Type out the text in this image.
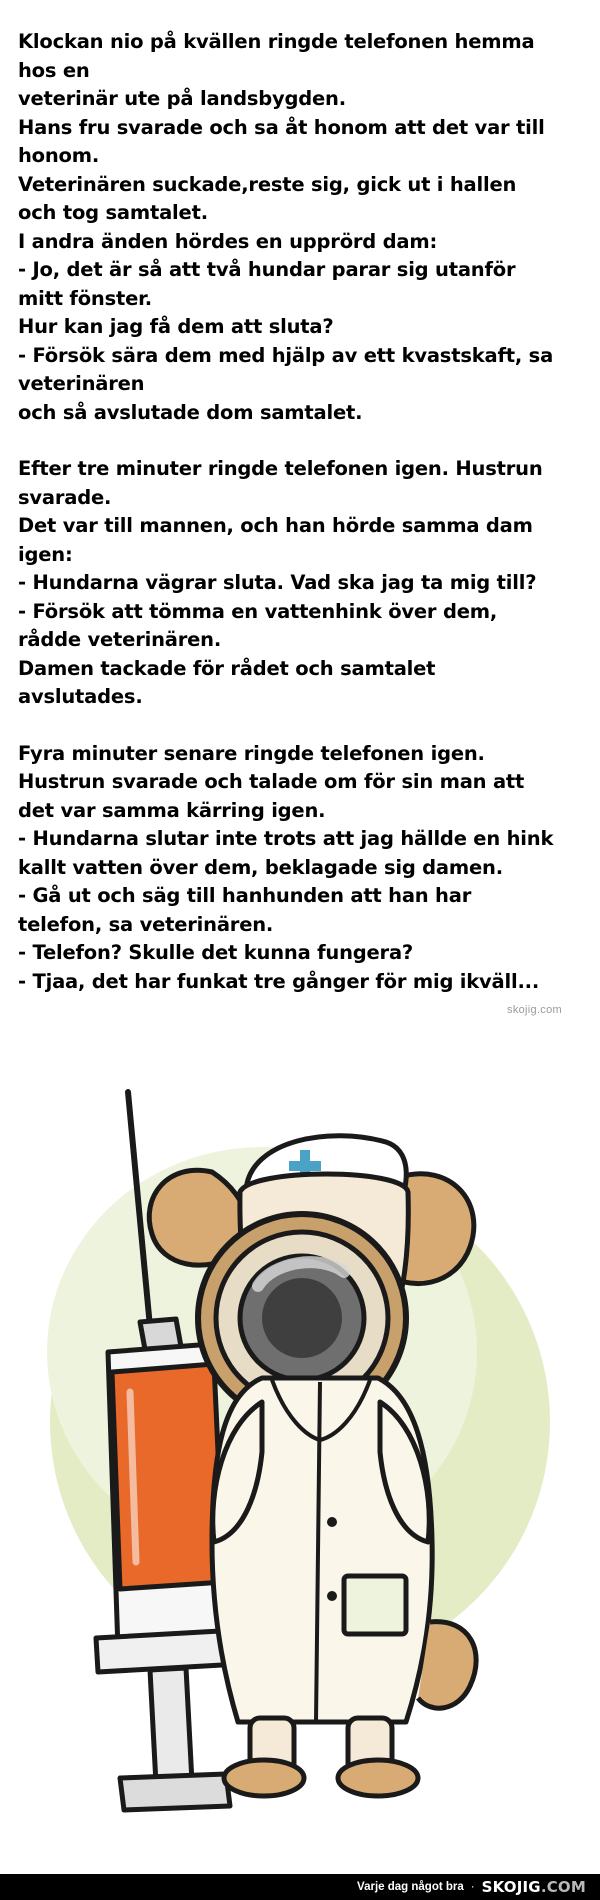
Klockan nio på kvällen ringde telefonen hemma
hos en
veterinär ute på landsbygden.
Hans fru svarade och sa åt honom att det var till
honom.
Veterinären suckade,reste sig, gick ut i hallen
och tog samtalet.
I andra änden hördes en upprörd dam:
- Jo, det är så att två hundar parar sig utanför
mitt fönster.
Hur kan jag få dem att sluta?
- Försök sära dem med hjälp av ett kvastskaft, sa
veterinären
och så avslutade dom samtalet.

Efter tre minuter ringde telefonen igen. Hustrun
svarade.
Det var till mannen, och han hörde samma dam
igen:
- Hundarna vägrar sluta. Vad ska jag ta mig till?
- Försök att tömma en vattenhink över dem,
rådde veterinären.
Damen tackade för rådet och samtalet
avslutades.

Fyra minuter senare ringde telefonen igen.
Hustrun svarade och talade om för sin man att
det var samma kärring igen.
- Hundarna slutar inte trots att jag hällde en hink
kallt vatten över dem, beklagade sig damen.
- Gå ut och säg till hanhunden att han har
telefon, sa veterinären.
- Telefon? Skulle det kunna fungera?
- Tjaa, det har funkat tre gånger för mig ikväll...

skojig.com
Varje dag något bra · SKOJIG .COM
